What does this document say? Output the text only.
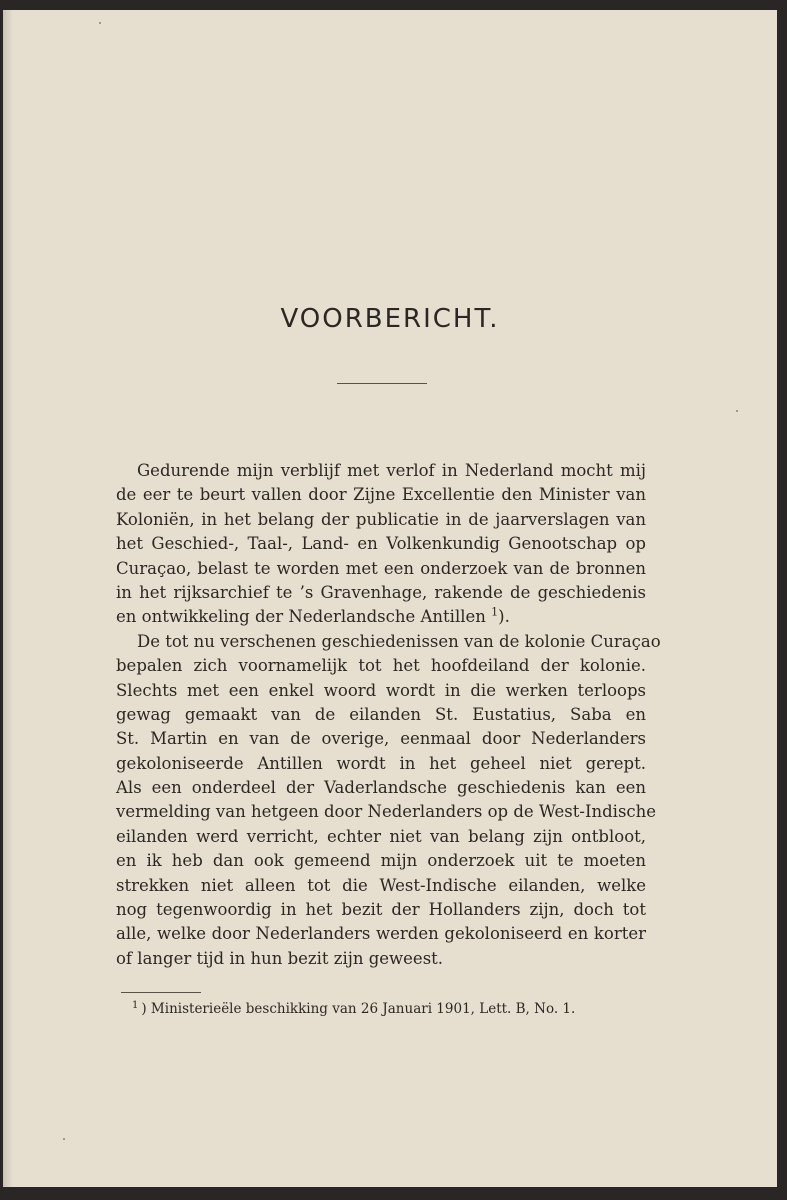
VOORBERICHT.

Gedurende mijn verblijf met verlof in Nederland mocht mij
de eer te beurt vallen door Zijne Excellentie den Minister van
Koloniën, in het belang der publicatie in de jaarverslagen van
het Geschied-, Taal-, Land- en Volkenkundig Genootschap op
Curaçao, belast te worden met een onderzoek van de bronnen
in het rijksarchief te ’s Gravenhage, rakende de geschiedenis
en ontwikkeling der Nederlandsche Antillen $^1$).

De tot nu verschenen geschiedenissen van de kolonie Curaçao
bepalen zich voornamelijk tot het hoofdeiland der kolonie.
Slechts met een enkel woord wordt in die werken terloops
gewag gemaakt van de eilanden St. Eustatius, Saba en
St. Martin en van de overige, eenmaal door Nederlanders
gekoloniseerde Antillen wordt in het geheel niet gerept.
Als een onderdeel der Vaderlandsche geschiedenis kan een
vermelding van hetgeen door Nederlanders op de West-Indische
eilanden werd verricht, echter niet van belang zijn ontbloot,
en ik heb dan ook gemeend mijn onderzoek uit te moeten
strekken niet alleen tot die West-Indische eilanden, welke
nog tegenwoordig in het bezit der Hollanders zijn, doch tot
alle, welke door Nederlanders werden gekoloniseerd en korter
of langer tijd in hun bezit zijn geweest.

$^1$ ) Ministerieële beschikking van 26 Januari 1901, Lett. B, No. 1.
